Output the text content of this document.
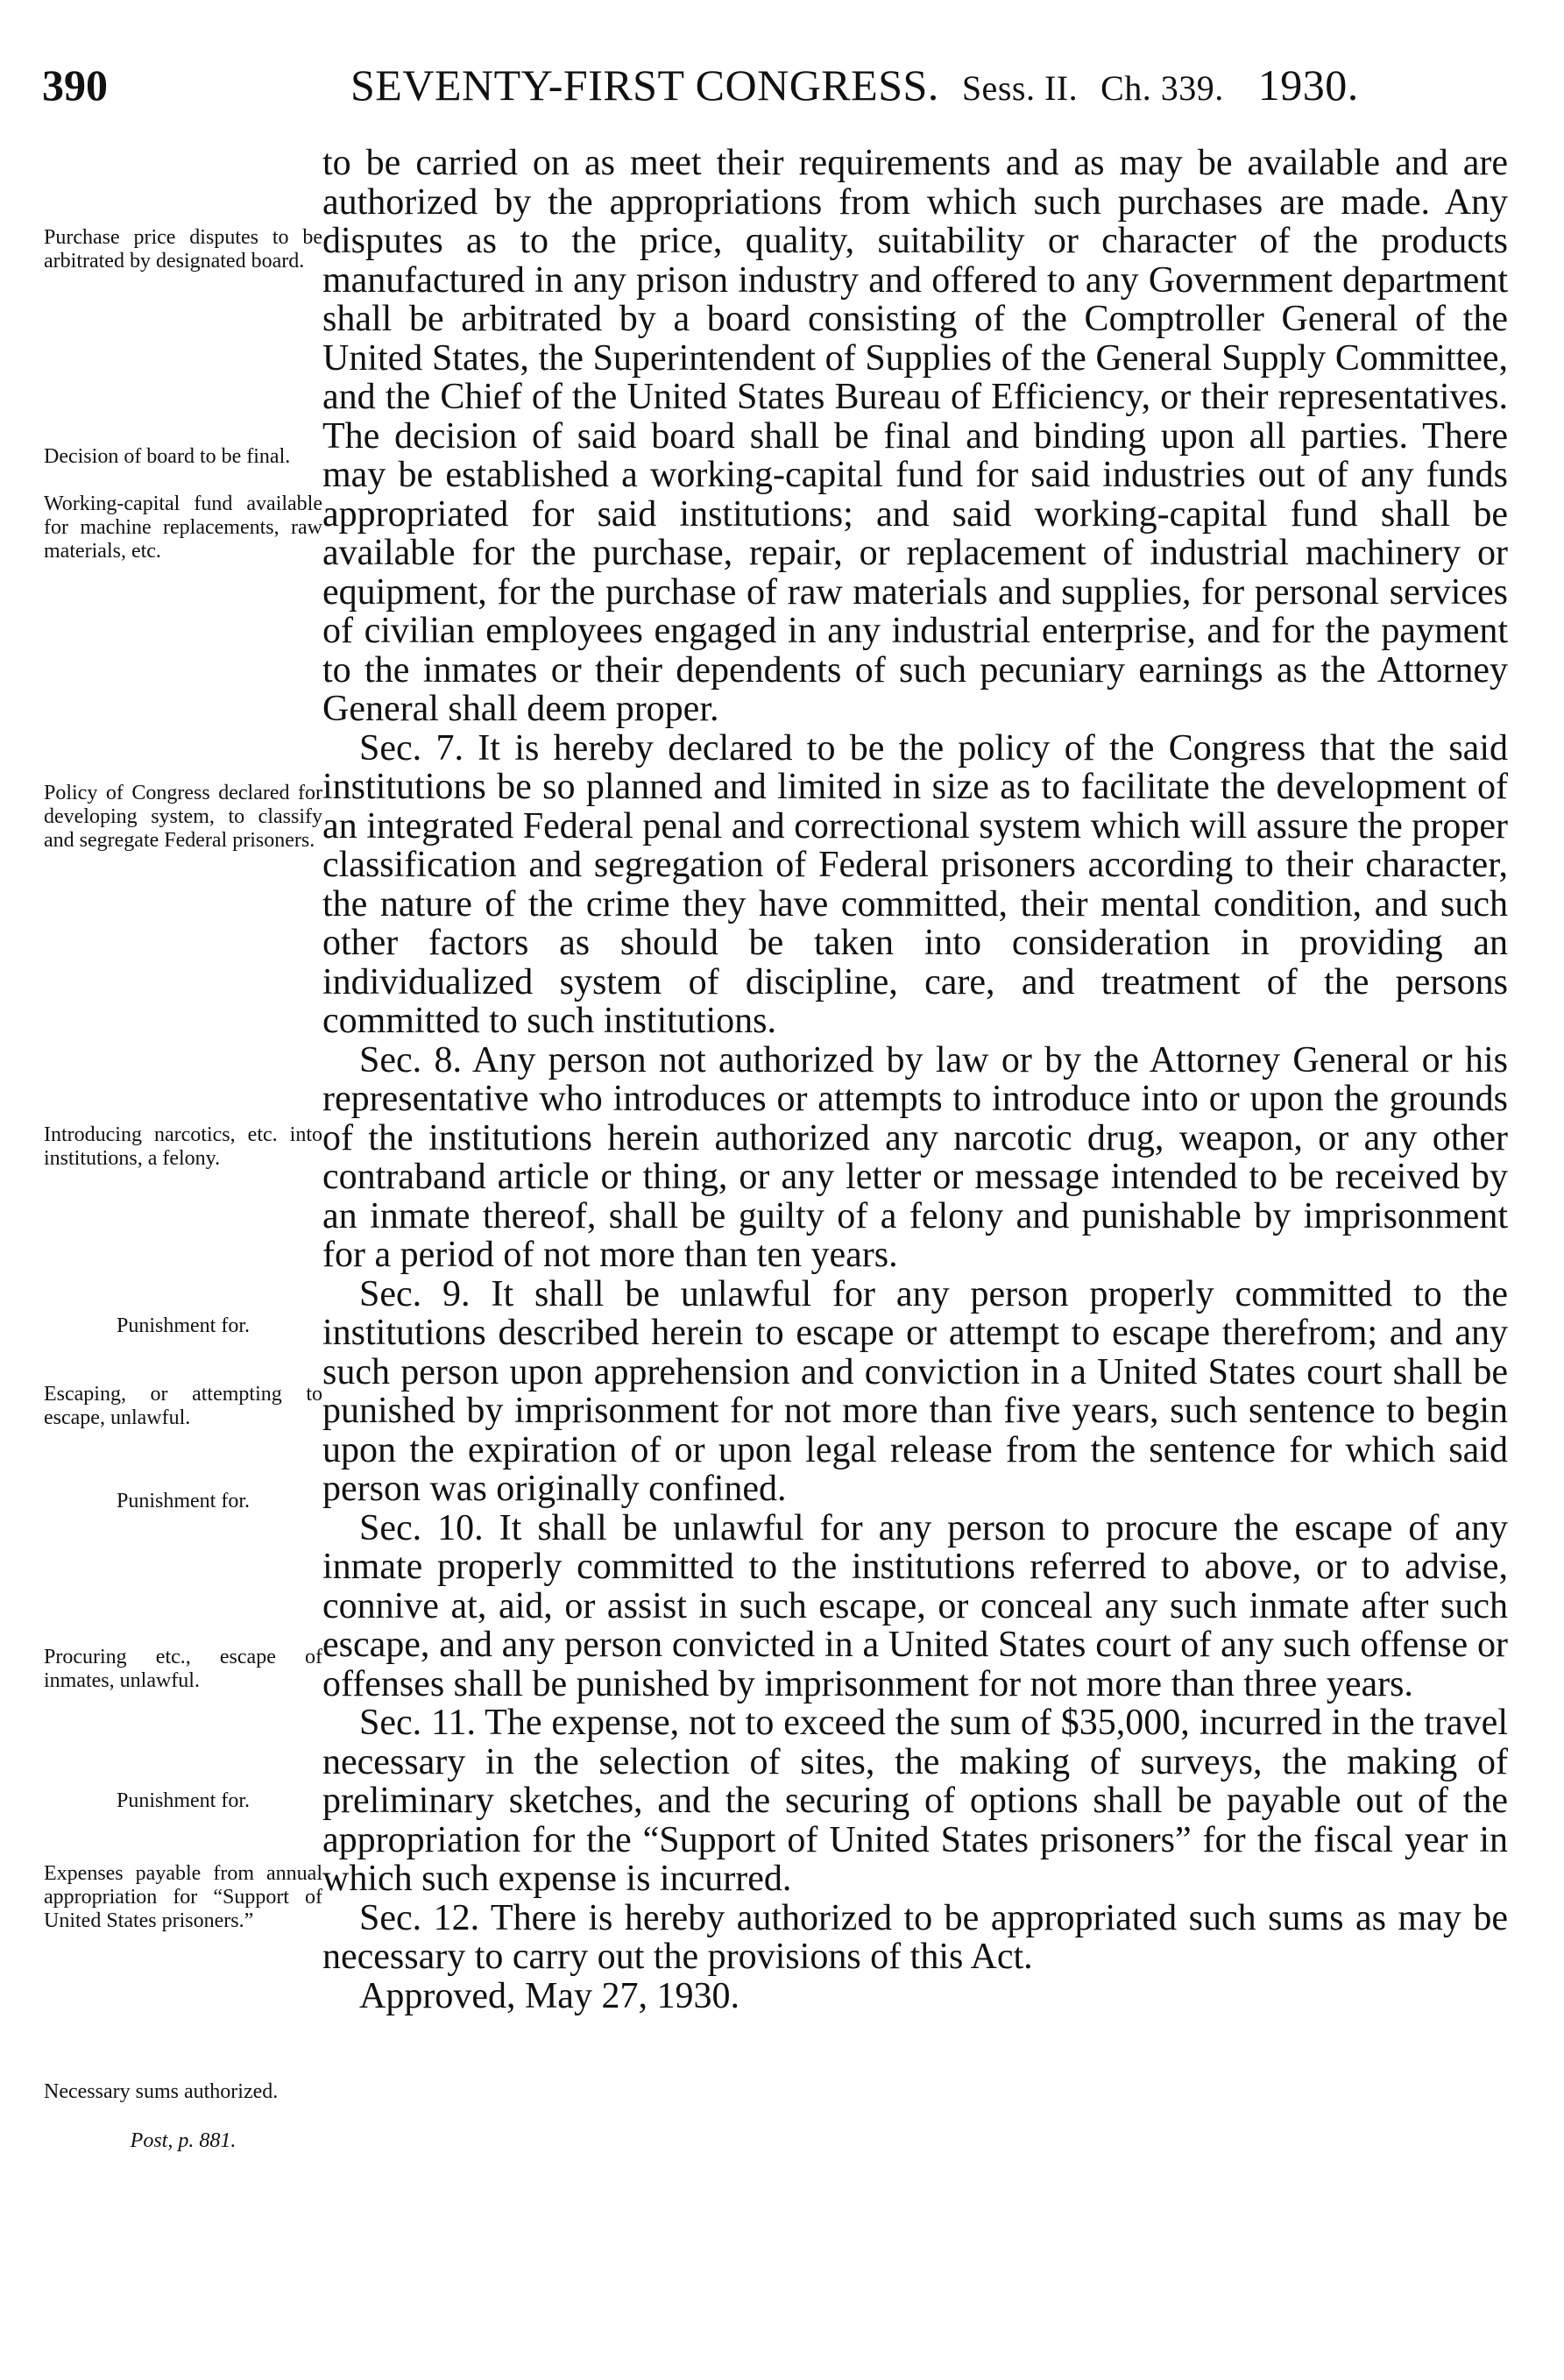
390	SEVENTY-FIRST CONGRESS. Sess. II. Ch. 339. 1930.
Purchase price disputes to be arbitrated by designated board.
Decision of board to be final.
Working-capital fund available for machine replacements, raw materials, etc.
Policy of Congress declared for developing system, to classify and segregate Federal prisoners.
Introducing narcotics, etc. into institutions, a felony.
Punishment for.
Escaping, or attempting to escape, unlawful.
Punishment for.
Procuring etc., escape of inmates, unlawful.
Punishment for.
Expenses payable from annual appropriation for “Support of United States prisoners.”
Necessary sums authorized.
Post, p. 881.

to be carried on as meet their requirements and as may be available and are authorized by the appropriations from which such purchases are made. Any disputes as to the price, quality, suitability or character of the products manufactured in any prison industry and offered to any Government department shall be arbitrated by a board consisting of the Comptroller General of the United States, the Superintendent of Supplies of the General Supply Committee, and the Chief of the United States Bureau of Efficiency, or their representatives. The decision of said board shall be final and binding upon all parties. There may be established a working-capital fund for said industries out of any funds appropriated for said institutions; and said working-capital fund shall be available for the purchase, repair, or replacement of industrial machinery or equipment, for the purchase of raw materials and supplies, for personal services of civilian employees engaged in any industrial enterprise, and for the payment to the inmates or their dependents of such pecuniary earnings as the Attorney General shall deem proper.

Sec. 7. It is hereby declared to be the policy of the Congress that the said institutions be so planned and limited in size as to facilitate the development of an integrated Federal penal and correctional system which will assure the proper classification and segregation of Federal prisoners according to their character, the nature of the crime they have committed, their mental condition, and such other factors as should be taken into consideration in providing an individualized system of discipline, care, and treatment of the persons committed to such institutions.

Sec. 8. Any person not authorized by law or by the Attorney General or his representative who introduces or attempts to introduce into or upon the grounds of the institutions herein authorized any narcotic drug, weapon, or any other contraband article or thing, or any letter or message intended to be received by an inmate thereof, shall be guilty of a felony and punishable by imprisonment for a period of not more than ten years.

Sec. 9. It shall be unlawful for any person properly committed to the institutions described herein to escape or attempt to escape therefrom; and any such person upon apprehension and conviction in a United States court shall be punished by imprisonment for not more than five years, such sentence to begin upon the expiration of or upon legal release from the sentence for which said person was originally confined.

Sec. 10. It shall be unlawful for any person to procure the escape of any inmate properly committed to the institutions referred to above, or to advise, connive at, aid, or assist in such escape, or conceal any such inmate after such escape, and any person convicted in a United States court of any such offense or offenses shall be punished by imprisonment for not more than three years.

Sec. 11. The expense, not to exceed the sum of $35,000, incurred in the travel necessary in the selection of sites, the making of surveys, the making of preliminary sketches, and the securing of options shall be payable out of the appropriation for the “Support of United States prisoners” for the fiscal year in which such expense is incurred.

Sec. 12. There is hereby authorized to be appropriated such sums as may be necessary to carry out the provisions of this Act.

Approved, May 27, 1930.
